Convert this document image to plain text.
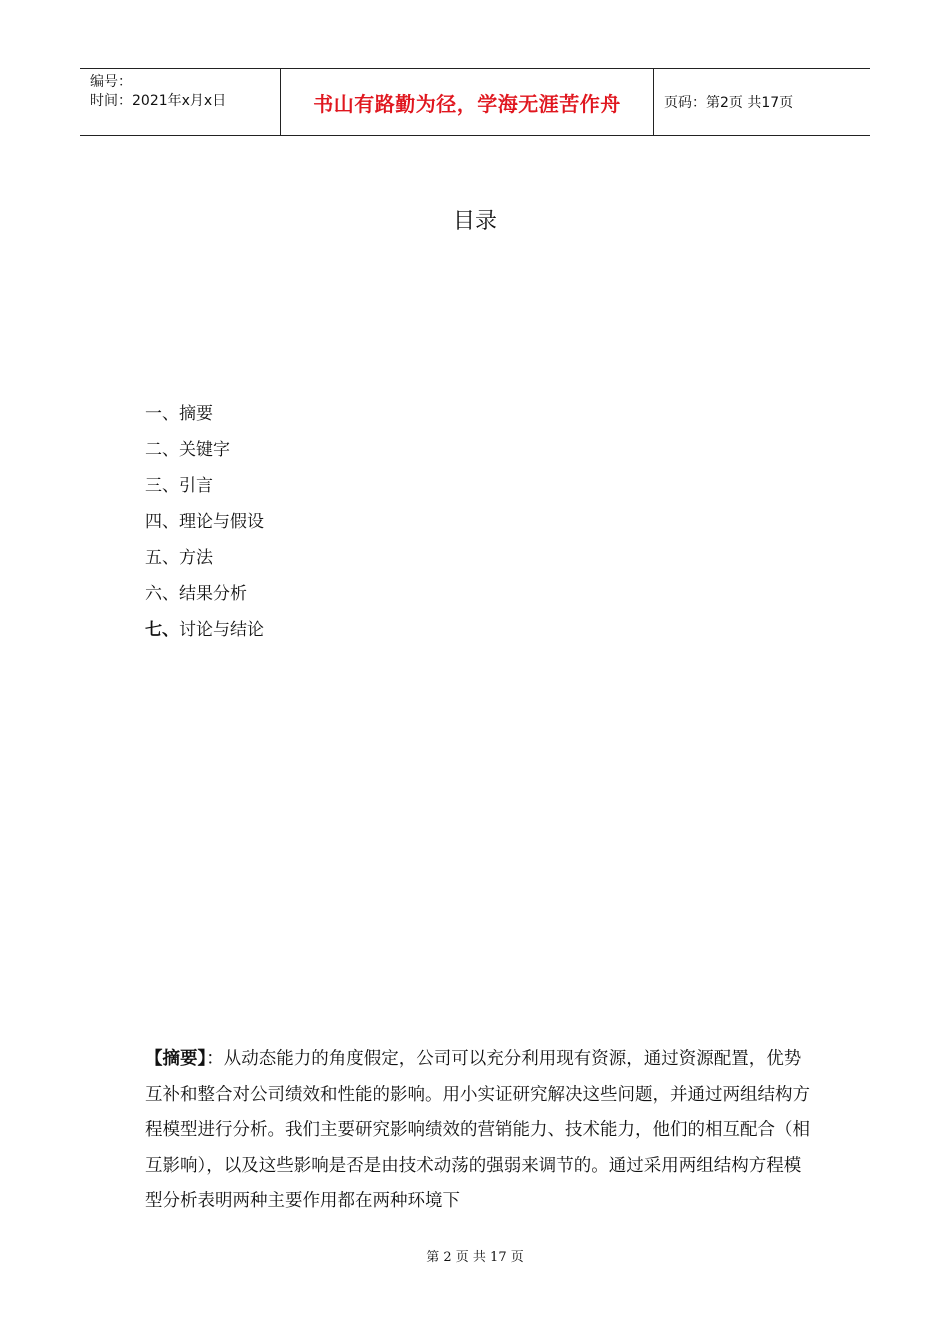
编号：
时间：2021年x月x日	书山有路勤为径，学海无涯苦作舟	页码：第2页 共17页
目录
一、摘要
二、关键字
三、引言
四、理论与假设
五、方法
六、结果分析
七、讨论与结论

【摘要】：从动态能力的角度假定，公司可以充分利用现有资源，通过资源配置，优势互补和整合对公司绩效和性能的影响。用小实证研究解决这些问题，并通过两组结构方程模型进行分析。我们主要研究影响绩效的营销能力、技术能力，他们的相互配合（相互影响），以及这些影响是否是由技术动荡的强弱来调节的。通过采用两组结构方程模型分析表明两种主要作用都在两种环境下

第 2 页 共 17 页
